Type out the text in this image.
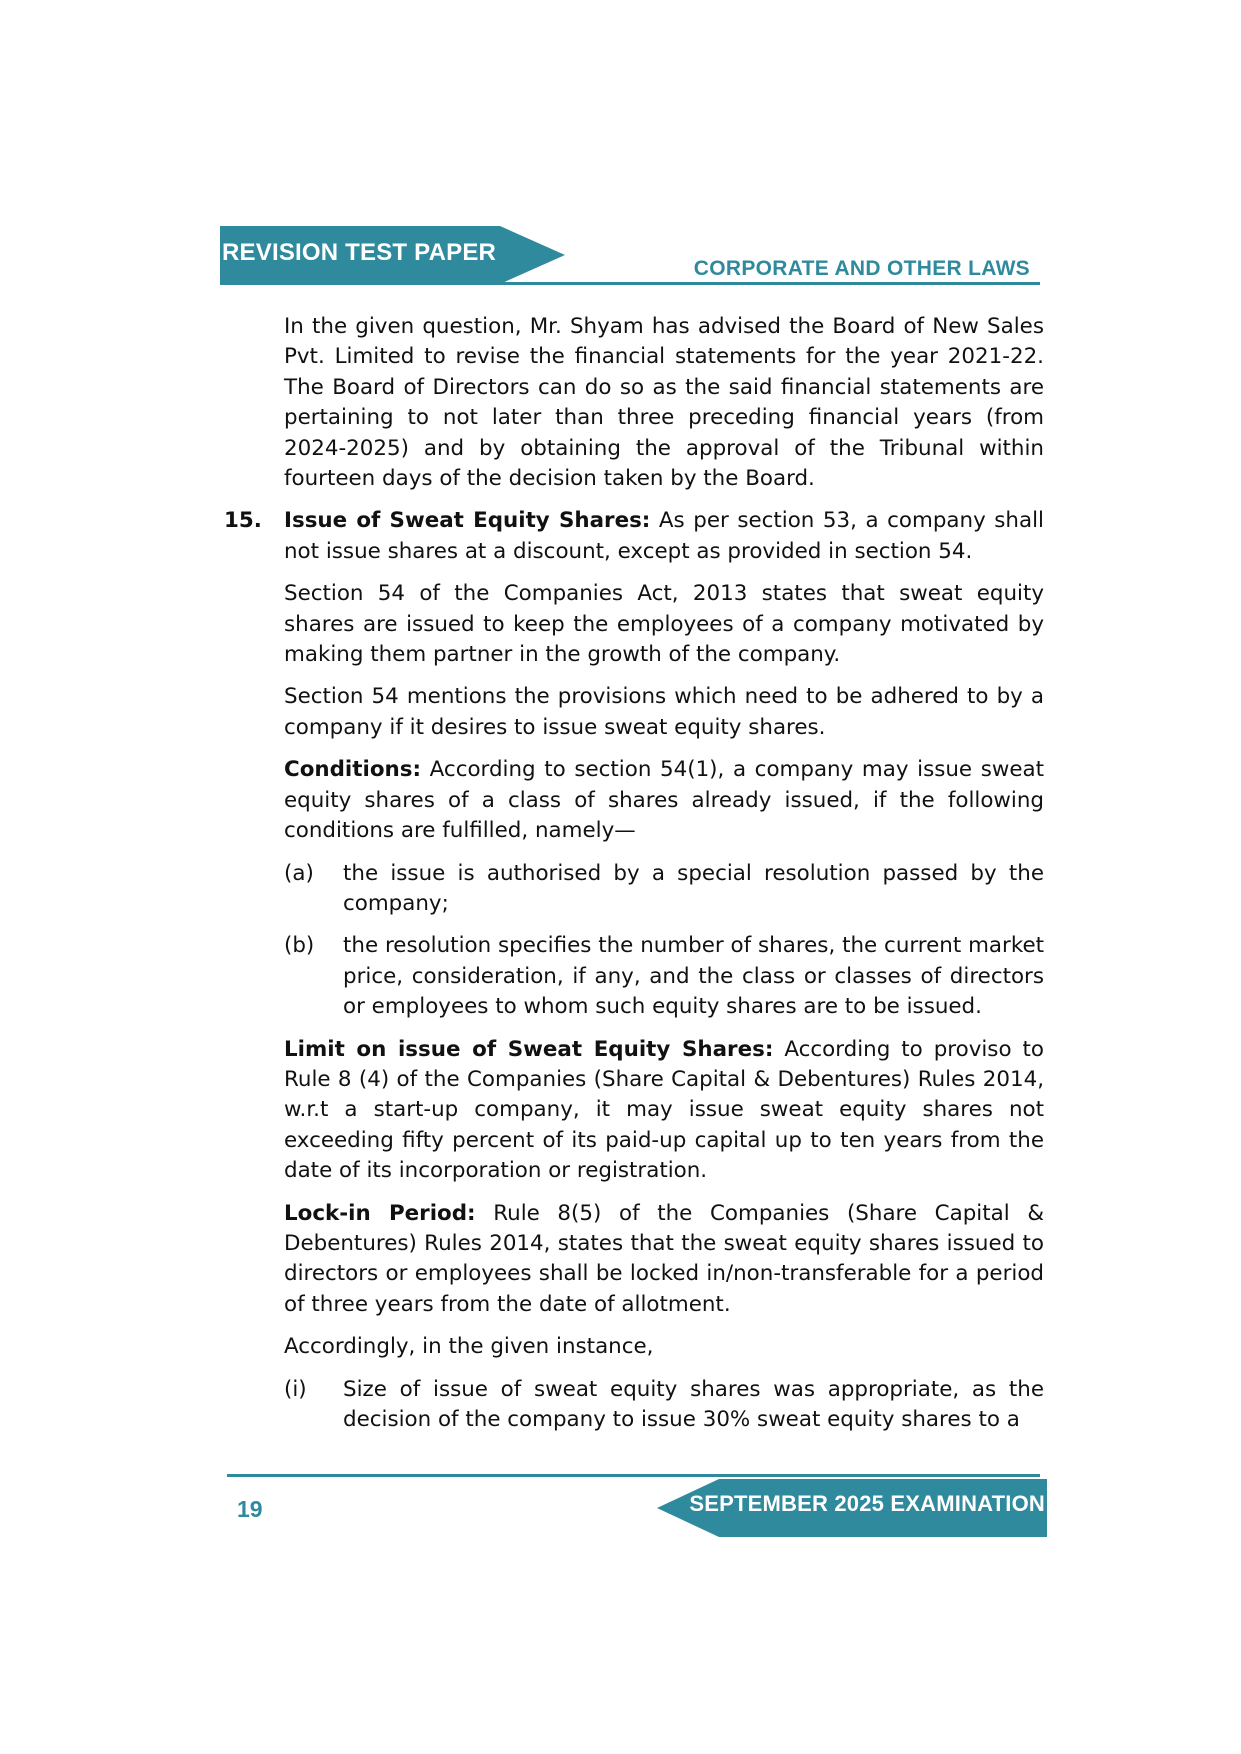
REVISION TEST PAPER
CORPORATE AND OTHER LAWS

In the given question, Mr. Shyam has advised the Board of New Sales Pvt. Limited to revise the financial statements for the year 2021-22. The Board of Directors can do so as the said financial statements are pertaining to not later than three preceding financial years (from 2024-2025) and by obtaining the approval of the Tribunal within fourteen days of the decision taken by the Board.

15. Issue of Sweat Equity Shares: As per section 53, a company shall not issue shares at a discount, except as provided in section 54.

Section 54 of the Companies Act, 2013 states that sweat equity shares are issued to keep the employees of a company motivated by making them partner in the growth of the company.

Section 54 mentions the provisions which need to be adhered to by a company if it desires to issue sweat equity shares.

Conditions: According to section 54(1), a company may issue sweat equity shares of a class of shares already issued, if the following conditions are fulfilled, namely—

(a) the issue is authorised by a special resolution passed by the company;

(b) the resolution specifies the number of shares, the current market price, consideration, if any, and the class or classes of directors or employees to whom such equity shares are to be issued.

Limit on issue of Sweat Equity Shares: According to proviso to Rule 8 (4) of the Companies (Share Capital & Debentures) Rules 2014, w.r.t a start-up company, it may issue sweat equity shares not exceeding fifty percent of its paid-up capital up to ten years from the date of its incorporation or registration.

Lock-in Period: Rule 8(5) of the Companies (Share Capital & Debentures) Rules 2014, states that the sweat equity shares issued to directors or employees shall be locked in/non-transferable for a period of three years from the date of allotment.

Accordingly, in the given instance,

(i) Size of issue of sweat equity shares was appropriate, as the decision of the company to issue 30% sweat equity shares to a

SEPTEMBER 2025 EXAMINATION
19
